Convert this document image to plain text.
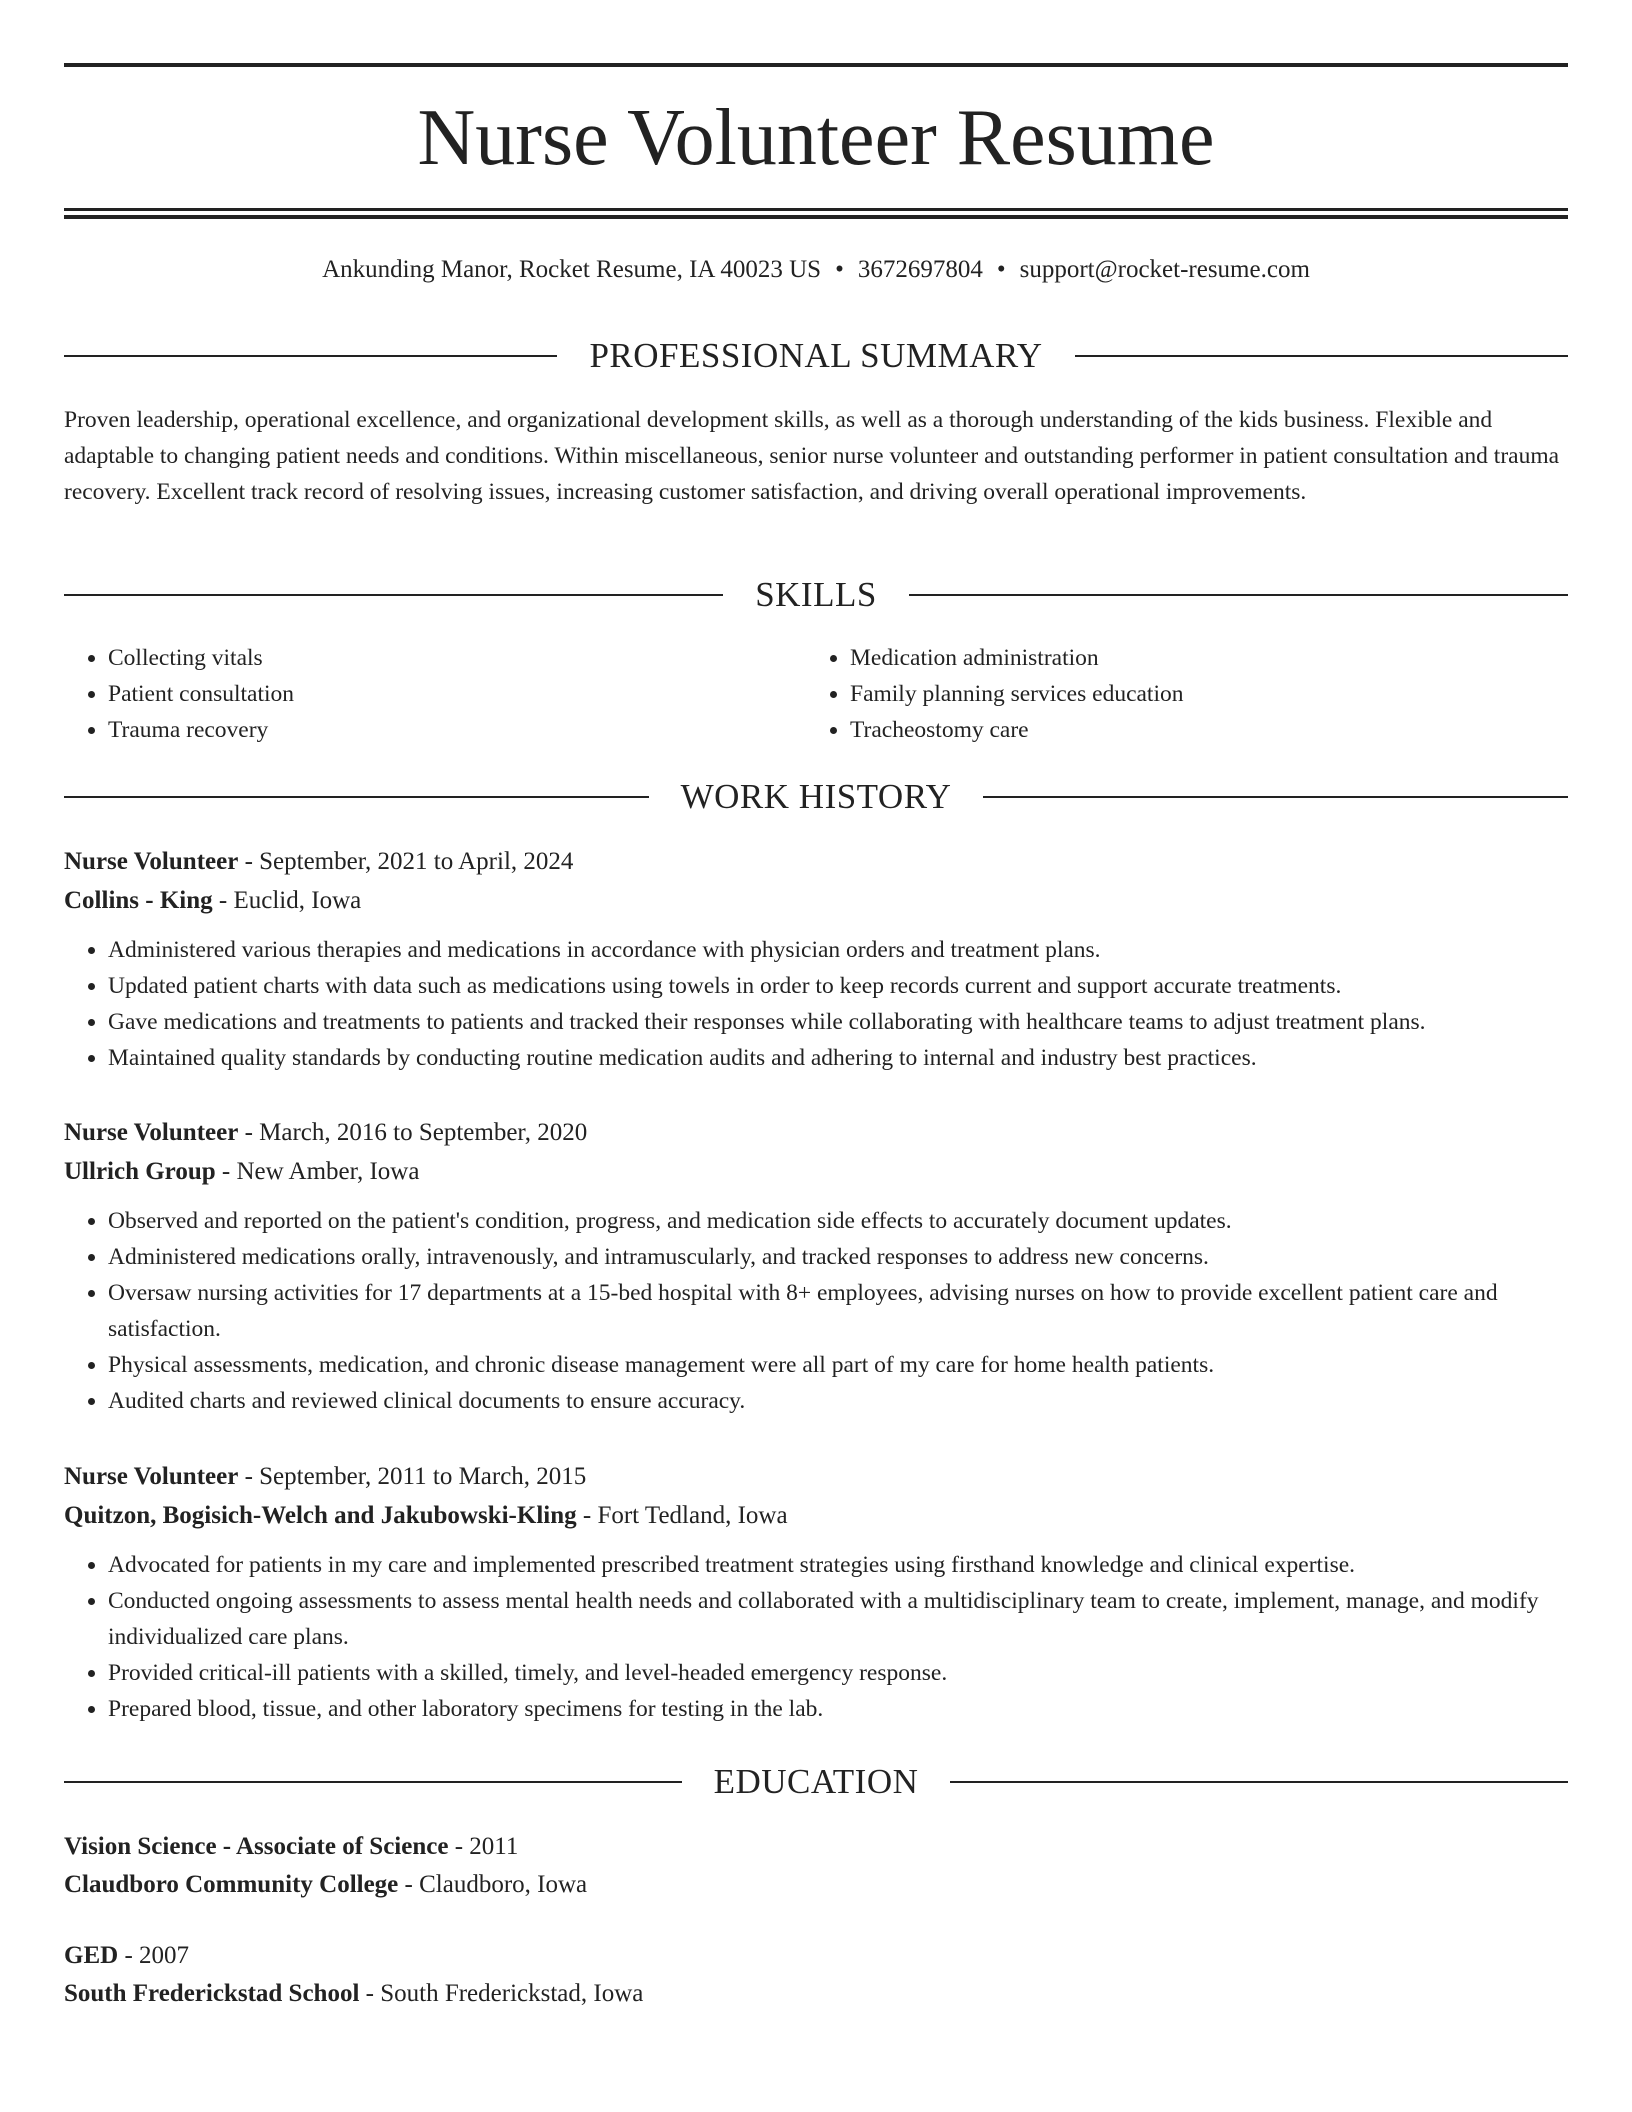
Nurse Volunteer Resume
Ankunding Manor, Rocket Resume, IA 40023 US • 3672697804 • support@rocket-resume.com
PROFESSIONAL SUMMARY
Proven leadership, operational excellence, and organizational development skills, as well as a thorough understanding of the kids business. Flexible and adaptable to changing patient needs and conditions. Within miscellaneous, senior nurse volunteer and outstanding performer in patient consultation and trauma recovery. Excellent track record of resolving issues, increasing customer satisfaction, and driving overall operational improvements.
SKILLS
• Collecting vitals
• Patient consultation
• Trauma recovery
• Medication administration
• Family planning services education
• Tracheostomy care
WORK HISTORY
Nurse Volunteer - September, 2021 to April, 2024
Collins - King - Euclid, Iowa
• Administered various therapies and medications in accordance with physician orders and treatment plans.
• Updated patient charts with data such as medications using towels in order to keep records current and support accurate treatments.
• Gave medications and treatments to patients and tracked their responses while collaborating with healthcare teams to adjust treatment plans.
• Maintained quality standards by conducting routine medication audits and adhering to internal and industry best practices.
Nurse Volunteer - March, 2016 to September, 2020
Ullrich Group - New Amber, Iowa
• Observed and reported on the patient's condition, progress, and medication side effects to accurately document updates.
• Administered medications orally, intravenously, and intramuscularly, and tracked responses to address new concerns.
• Oversaw nursing activities for 17 departments at a 15-bed hospital with 8+ employees, advising nurses on how to provide excellent patient care and satisfaction.
• Physical assessments, medication, and chronic disease management were all part of my care for home health patients.
• Audited charts and reviewed clinical documents to ensure accuracy.
Nurse Volunteer - September, 2011 to March, 2015
Quitzon, Bogisich-Welch and Jakubowski-Kling - Fort Tedland, Iowa
• Advocated for patients in my care and implemented prescribed treatment strategies using firsthand knowledge and clinical expertise.
• Conducted ongoing assessments to assess mental health needs and collaborated with a multidisciplinary team to create, implement, manage, and modify individualized care plans.
• Provided critical-ill patients with a skilled, timely, and level-headed emergency response.
• Prepared blood, tissue, and other laboratory specimens for testing in the lab.
EDUCATION
Vision Science - Associate of Science - 2011
Claudboro Community College - Claudboro, Iowa
GED - 2007
South Frederickstad School - South Frederickstad, Iowa
